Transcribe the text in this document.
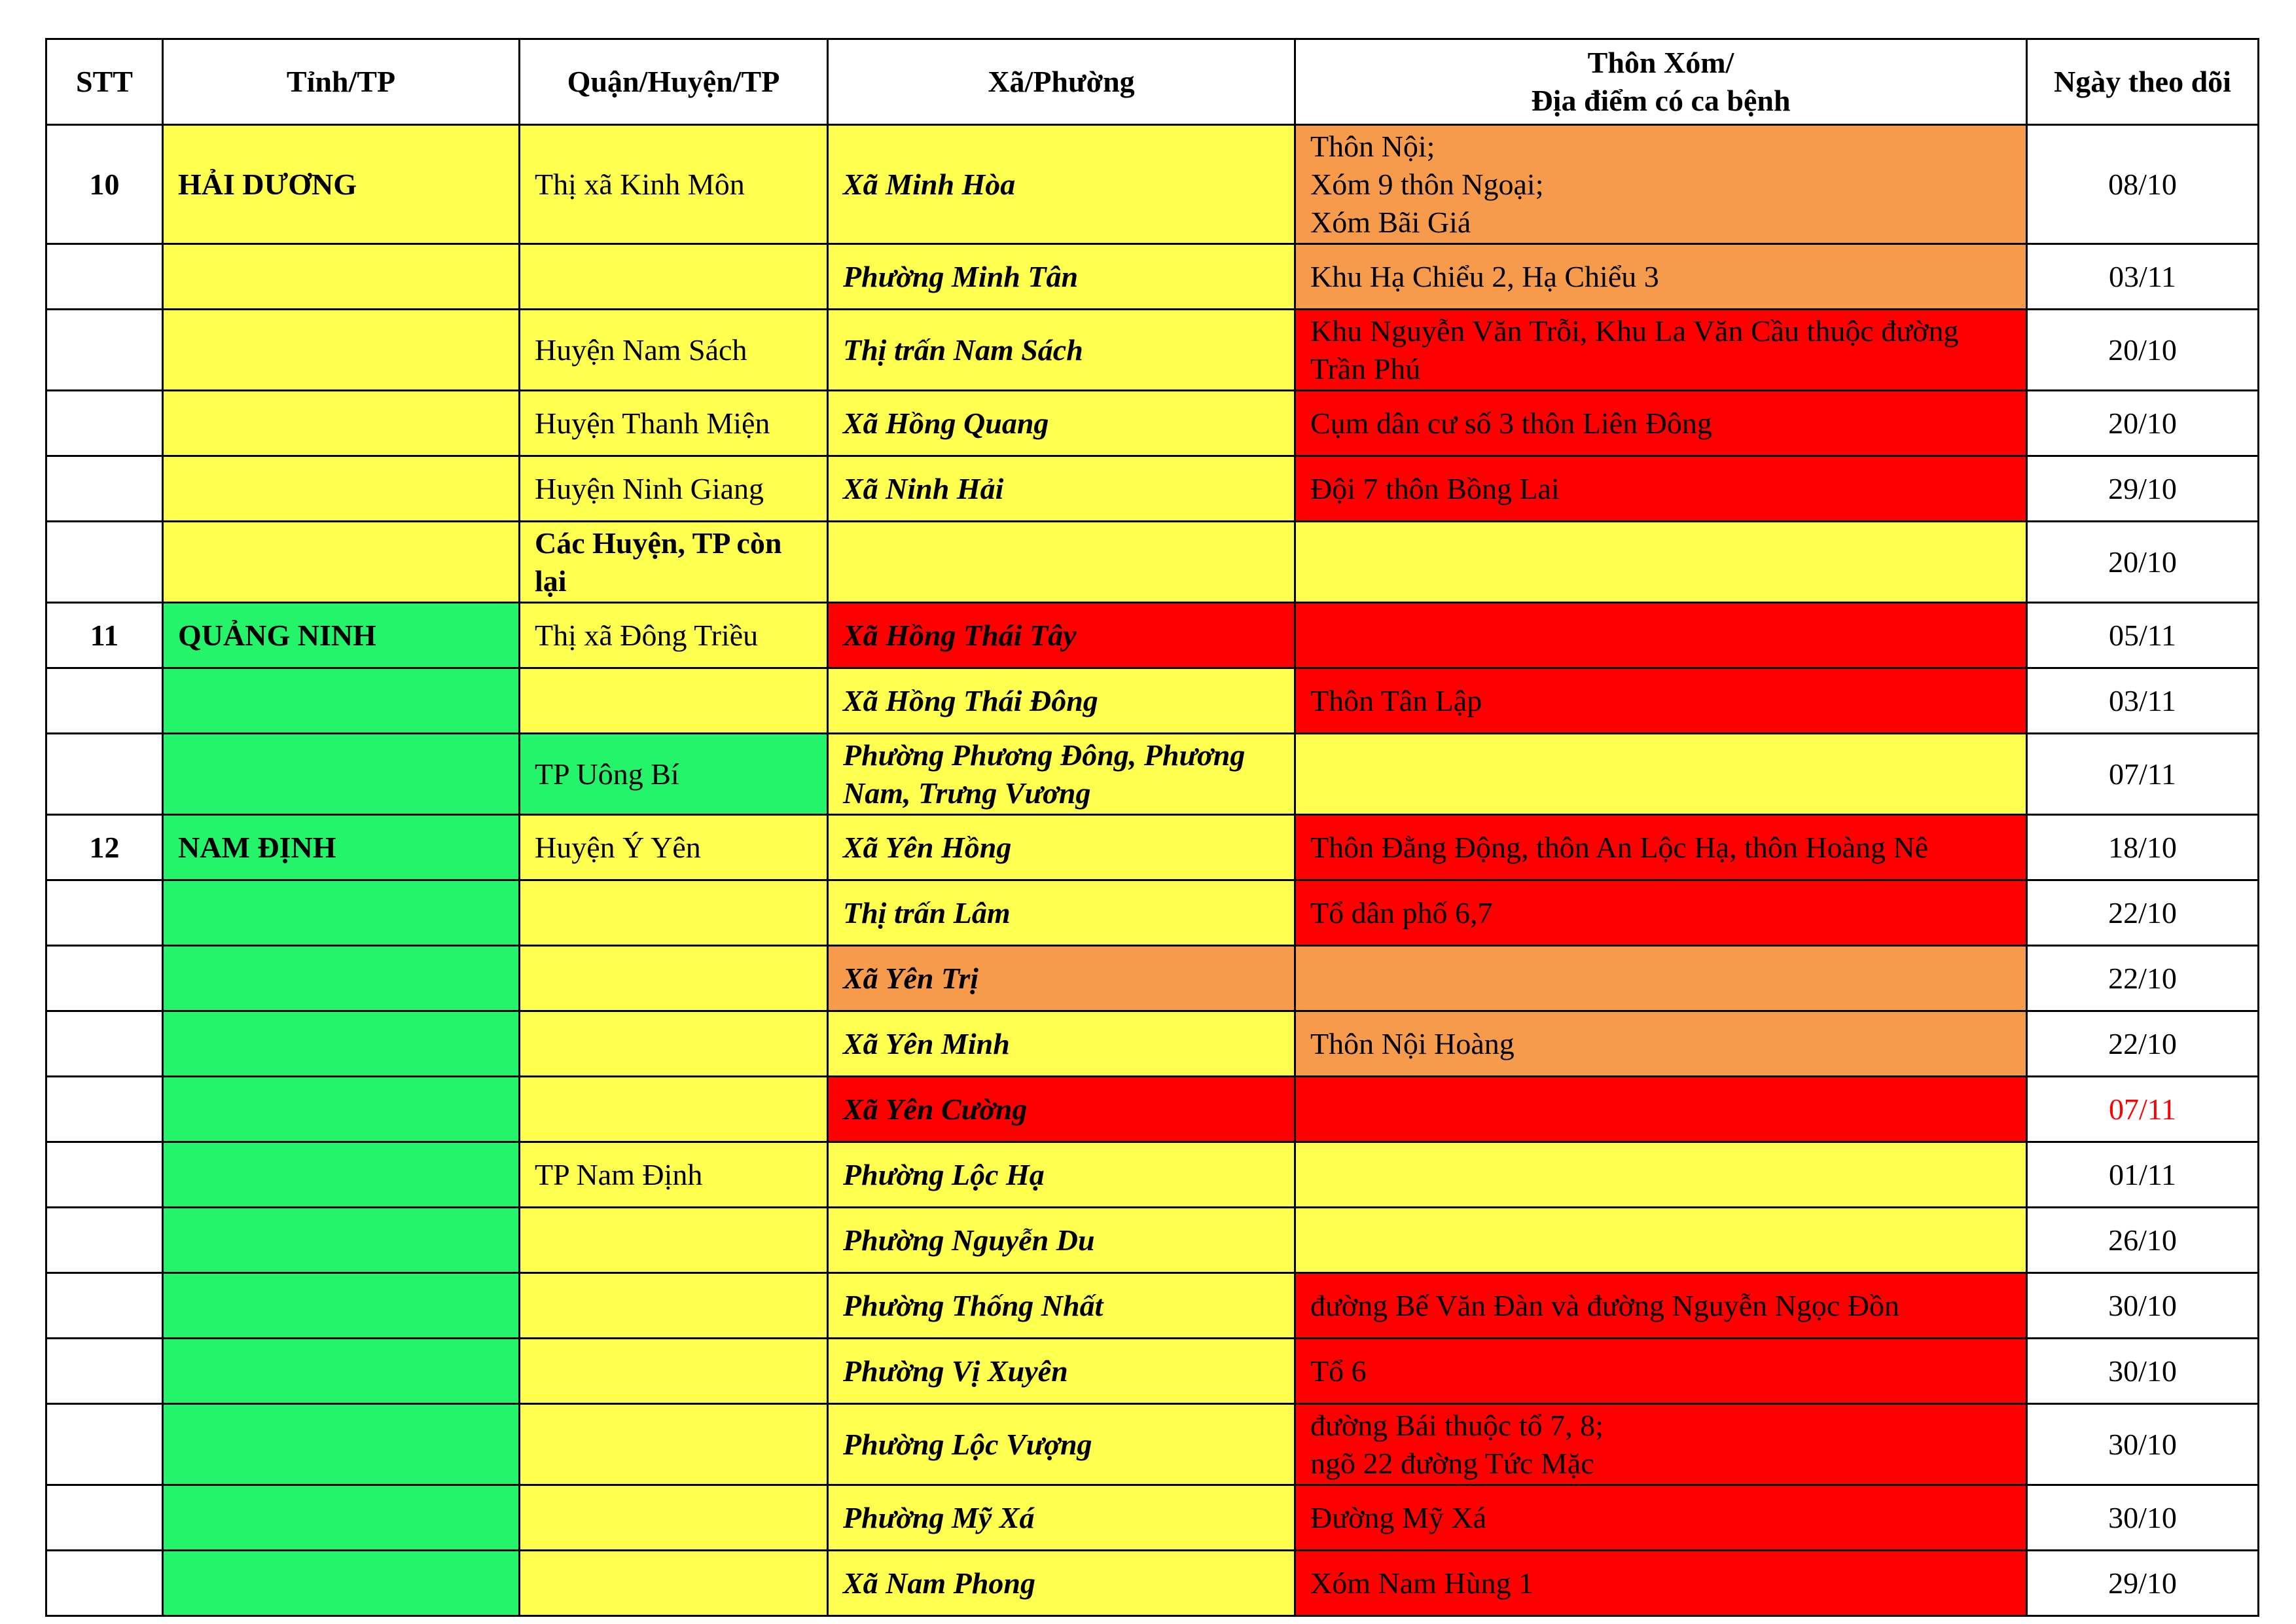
STT	Tỉnh/TP	Quận/Huyện/TP	Xã/Phường	Thôn Xóm/
Địa điểm có ca bệnh	Ngày theo dõi
10	HẢI DƯƠNG	Thị xã Kinh Môn	Xã Minh Hòa	Thôn Nội;
Xóm 9 thôn Ngoại;
Xóm Bãi Giá	08/10
			Phường Minh Tân	Khu Hạ Chiểu 2, Hạ Chiểu 3	03/11
		Huyện Nam Sách	Thị trấn Nam Sách	Khu Nguyễn Văn Trỗi, Khu La Văn Cầu thuộc đường Trần Phú	20/10
		Huyện Thanh Miện	Xã Hồng Quang	Cụm dân cư số 3 thôn Liên Đông	20/10
		Huyện Ninh Giang	Xã Ninh Hải	Đội 7 thôn Bồng Lai	29/10
		Các Huyện, TP còn lại			20/10
11	QUẢNG NINH	Thị xã Đông Triều	Xã Hồng Thái Tây		05/11
			Xã Hồng Thái Đông	Thôn Tân Lập	03/11
		TP Uông Bí	Phường Phương Đông, Phương Nam, Trưng Vương		07/11
12	NAM ĐỊNH	Huyện Ý Yên	Xã Yên Hồng	Thôn Đằng Động, thôn An Lộc Hạ, thôn Hoàng Nê	18/10
			Thị trấn Lâm	Tổ dân phố 6,7	22/10
			Xã Yên Trị		22/10
			Xã Yên Minh	Thôn Nội Hoàng	22/10
			Xã Yên Cường		07/11
		TP Nam Định	Phường Lộc Hạ		01/11
			Phường Nguyễn Du		26/10
			Phường Thống Nhất	đường Bế Văn Đàn và đường Nguyễn Ngọc Đồn	30/10
			Phường Vị Xuyên	Tổ 6	30/10
			Phường Lộc Vượng	đường Bái thuộc tổ 7, 8;
ngõ 22 đường Tức Mặc	30/10
			Phường Mỹ Xá	Đường Mỹ Xá	30/10
			Xã Nam Phong	Xóm Nam Hùng 1	29/10
